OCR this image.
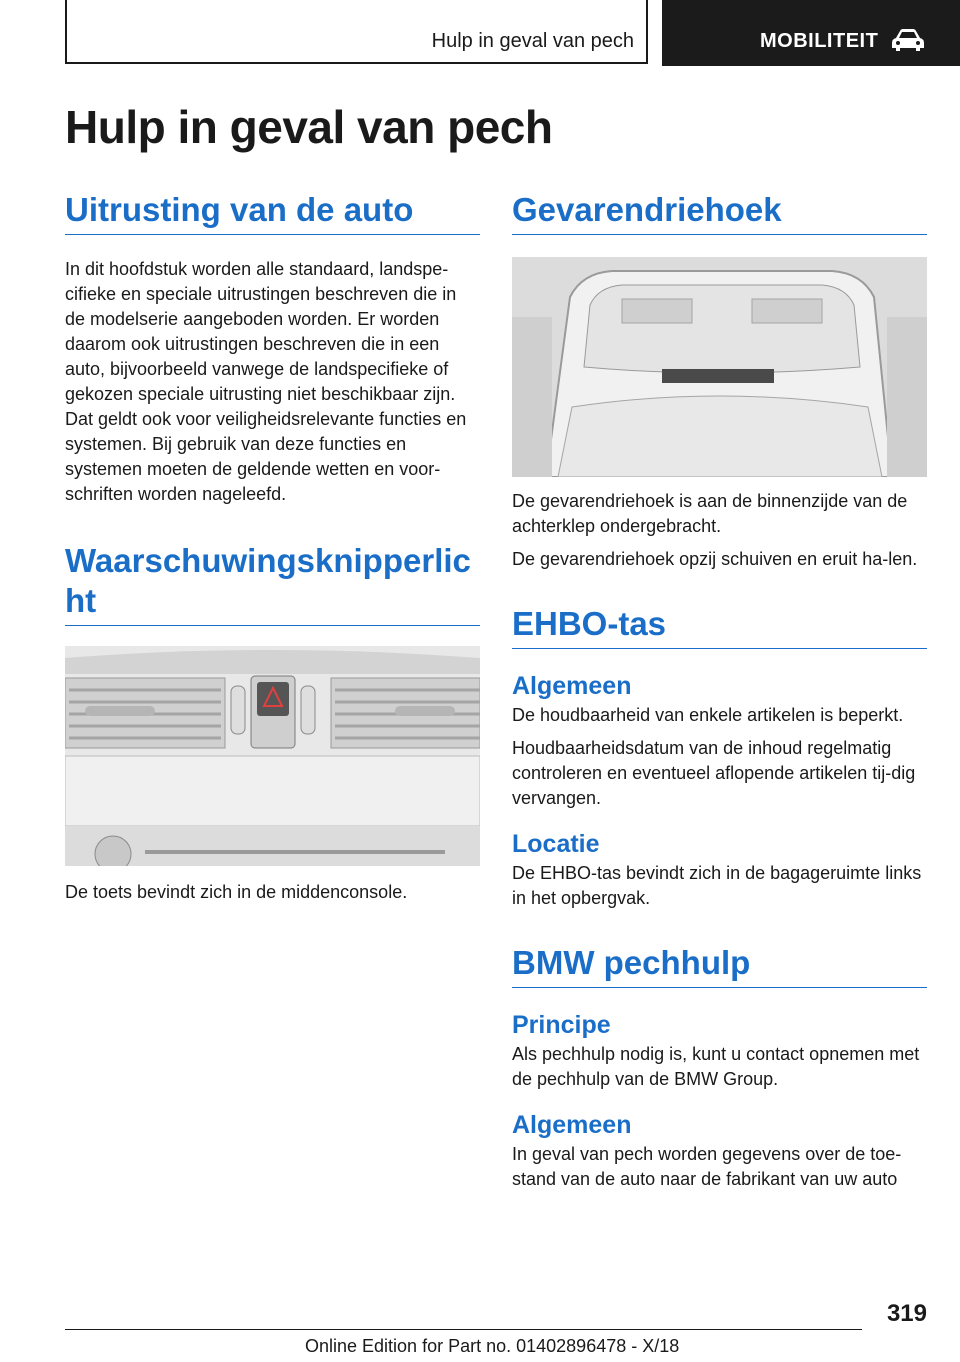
Hulp in geval van pech	MOBILITEIT
Hulp in geval van pech
Uitrusting van de auto

In dit hoofdstuk worden alle standaard, landspe‐cifieke en speciale uitrustingen beschreven die in de modelserie aangeboden worden. Er worden daarom ook uitrustingen beschreven die in een auto, bijvoorbeeld vanwege de landspecifieke of gekozen speciale uitrusting niet beschikbaar zijn. Dat geldt ook voor veiligheidsrelevante functies en systemen. Bij gebruik van deze functies en systemen moeten de geldende wetten en voor‐schriften worden nageleefd.

Waarschuwingsknipperlicht

De toets bevindt zich in de middenconsole.

Gevarendriehoek

De gevarendriehoek is aan de binnenzijde van de achterklep ondergebracht.

De gevarendriehoek opzij schuiven en eruit ha‐len.

EHBO-tas
Algemeen

De houdbaarheid van enkele artikelen is beperkt.

Houdbaarheidsdatum van de inhoud regelmatig controleren en eventueel aflopende artikelen tij‐dig vervangen.

Locatie

De EHBO-tas bevindt zich in de bagageruimte links in het opbergvak.

BMW pechhulp
Principe

Als pechhulp nodig is, kunt u contact opnemen met de pechhulp van de BMW Group.

Algemeen

In geval van pech worden gegevens over de toe‐stand van de auto naar de fabrikant van uw auto

319
Online Edition for Part no. 01402896478 - X/18
